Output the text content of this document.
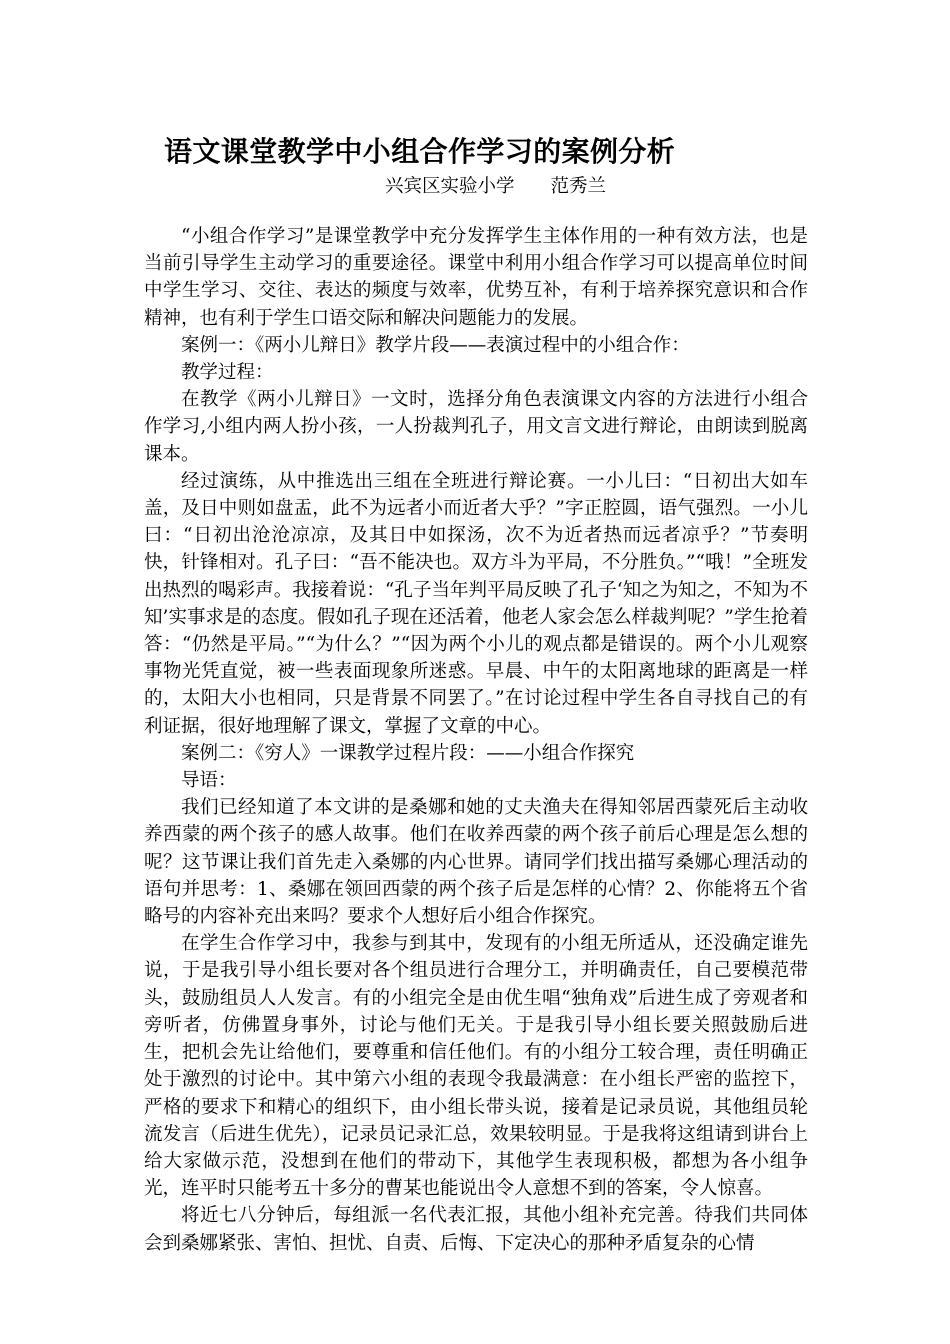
语文课堂教学中小组合作学习的案例分析
兴宾区实验小学 范秀兰

“小组合作学习”是课堂教学中充分发挥学生主体作用的一种有效方法，也是当前引导学生主动学习的重要途径。课堂中利用小组合作学习可以提高单位时间中学生学习、交往、表达的频度与效率，优势互补，有利于培养探究意识和合作精神，也有利于学生口语交际和解决问题能力的发展。

案例一：《两小儿辩日》教学片段——表演过程中的小组合作：

教学过程：

在教学《两小儿辩日》一文时，选择分角色表演课文内容的方法进行小组合作学习,小组内两人扮小孩，一人扮裁判孔子，用文言文进行辩论，由朗读到脱离课本。

经过演练，从中推选出三组在全班进行辩论赛。一小儿曰：“日初出大如车盖，及日中则如盘盂，此不为远者小而近者大乎？”字正腔圆，语气强烈。一小儿曰：“日初出沧沧凉凉，及其日中如探汤，次不为近者热而远者凉乎？”节奏明快，针锋相对。孔子曰：“吾不能决也。双方斗为平局，不分胜负。”“哦！”全班发出热烈的喝彩声。我接着说：“孔子当年判平局反映了孔子‘知之为知之，不知为不知’实事求是的态度。假如孔子现在还活着，他老人家会怎么样裁判呢？”学生抢着答：“仍然是平局。”“为什么？”“因为两个小儿的观点都是错误的。两个小儿观察事物光凭直觉，被一些表面现象所迷惑。早晨、中午的太阳离地球的距离是一样的，太阳大小也相同，只是背景不同罢了。”在讨论过程中学生各自寻找自己的有利证据，很好地理解了课文，掌握了文章的中心。

案例二：《穷人》一课教学过程片段：——小组合作探究

导语：

我们已经知道了本文讲的是桑娜和她的丈夫渔夫在得知邻居西蒙死后主动收养西蒙的两个孩子的感人故事。他们在收养西蒙的两个孩子前后心理是怎么想的呢？这节课让我们首先走入桑娜的内心世界。请同学们找出描写桑娜心理活动的语句并思考：1、桑娜在领回西蒙的两个孩子后是怎样的心情？2、你能将五个省略号的内容补充出来吗？要求个人想好后小组合作探究。

在学生合作学习中，我参与到其中，发现有的小组无所适从，还没确定谁先说，于是我引导小组长要对各个组员进行合理分工，并明确责任，自己要模范带头，鼓励组员人人发言。有的小组完全是由优生唱“独角戏”后进生成了旁观者和旁听者，仿佛置身事外，讨论与他们无关。于是我引导小组长要关照鼓励后进生，把机会先让给他们，要尊重和信任他们。有的小组分工较合理，责任明确正处于激烈的讨论中。其中第六小组的表现令我最满意：在小组长严密的监控下，严格的要求下和精心的组织下，由小组长带头说，接着是记录员说，其他组员轮流发言（后进生优先），记录员记录汇总，效果较明显。于是我将这组请到讲台上给大家做示范，没想到在他们的带动下，其他学生表现积极，都想为各小组争光，连平时只能考五十多分的曹某也能说出令人意想不到的答案，令人惊喜。

将近七八分钟后，每组派一名代表汇报，其他小组补充完善。待我们共同体会到桑娜紧张、害怕、担忧、自责、后悔、下定决心的那种矛盾复杂的心情
